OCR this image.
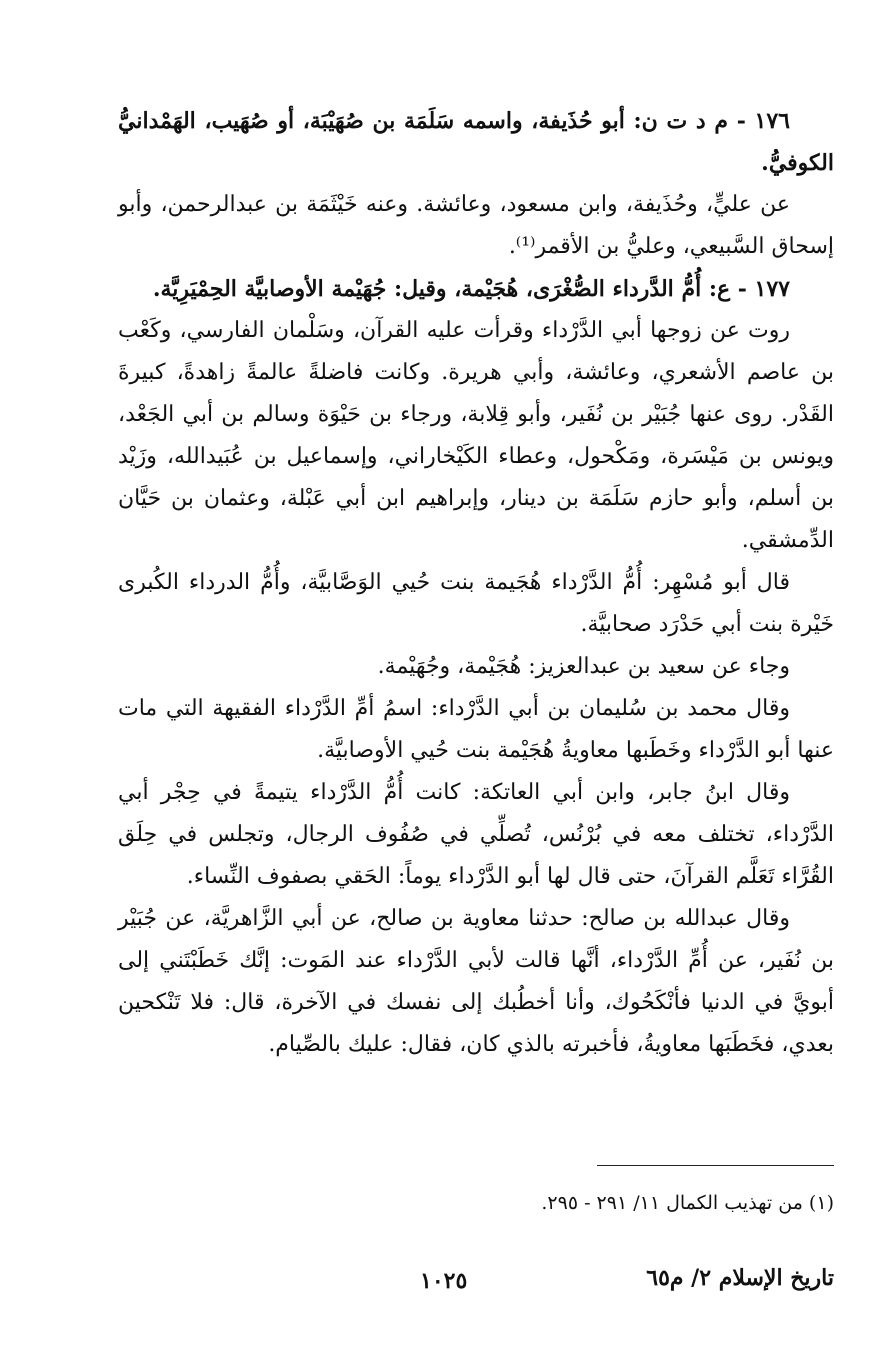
١٧٦ - م د ت ن: أبو حُذَيفة، واسمه سَلَمَة بن صُهَيْبَة، أو صُهَيب، الهَمْدانيُّ الكوفيُّ.

عن عليٍّ، وحُذَيفة، وابن مسعود، وعائشة. وعنه خَيْثَمَة بن عبدالرحمن، وأبو إسحاق السَّبيعي، وعليُّ بن الأقمر⁽¹⁾.

١٧٧ - ع: أُمُّ الدَّرداء الصُّغْرَى، هُجَيْمة، وقيل: جُهَيْمة الأوصابيَّة الحِمْيَرِيَّة.

روت عن زوجها أبي الدَّرْداء وقرأت عليه القرآن، وسَلْمان الفارسي، وكَعْب بن عاصم الأشعري، وعائشة، وأبي هريرة. وكانت فاضلةً عالمةً زاهدةً، كبيرةَ القَدْر. روى عنها جُبَيْر بن نُفَير، وأبو قِلابة، ورجاء بن حَيْوَة وسالم بن أبي الجَعْد، ويونس بن مَيْسَرة، ومَكْحول، وعطاء الكَيْخاراني، وإسماعيل بن عُبَيدالله، وزَيْد بن أسلم، وأبو حازم سَلَمَة بن دينار، وإبراهيم ابن أبي عَبْلة، وعثمان بن حَيَّان الدِّمشقي.

قال أبو مُسْهِر: أُمُّ الدَّرْداء هُجَيمة بنت حُيي الوَصَّابيَّة، وأُمُّ الدرداء الكُبرى خَيْرة بنت أبي حَدْرَد صحابيَّة.

وجاء عن سعيد بن عبدالعزيز: هُجَيْمة، وجُهَيْمة.

وقال محمد بن سُليمان بن أبي الدَّرْداء: اسمُ أمِّ الدَّرْداء الفقيهة التي مات عنها أبو الدَّرْداء وخَطَبها معاويةُ هُجَيْمة بنت حُيي الأوصابيَّة.

وقال ابنُ جابر، وابن أبي العاتكة: كانت أُمُّ الدَّرْداء يتيمةً في حِجْر أبي الدَّرْداء، تختلف معه في بُرْنُس، تُصلِّي في صُفُوف الرجال، وتجلس في حِلَق القُرَّاء تَعَلَّم القرآنَ، حتى قال لها أبو الدَّرْداء يوماً: الحَقي بصفوف النِّساء.

وقال عبدالله بن صالح: حدثنا معاوية بن صالح، عن أبي الزَّاهريَّة، عن جُبَيْر بن نُفَير، عن أُمِّ الدَّرْداء، أنَّها قالت لأبي الدَّرْداء عند المَوت: إنَّك خَطَبْتَني إلى أبويَّ في الدنيا فأنْكَحُوك، وأنا أخطُبك إلى نفسك في الآخرة، قال: فلا تَنْكحين بعدي، فخَطَبَها معاويةُ، فأخبرته بالذي كان، فقال: عليك بالصِّيام.

(١) من تهذيب الكمال ١١/ ٢٩١ - ٢٩٥.
تاريخ الإسلام ٢/ م٦٥
١٠٢٥
